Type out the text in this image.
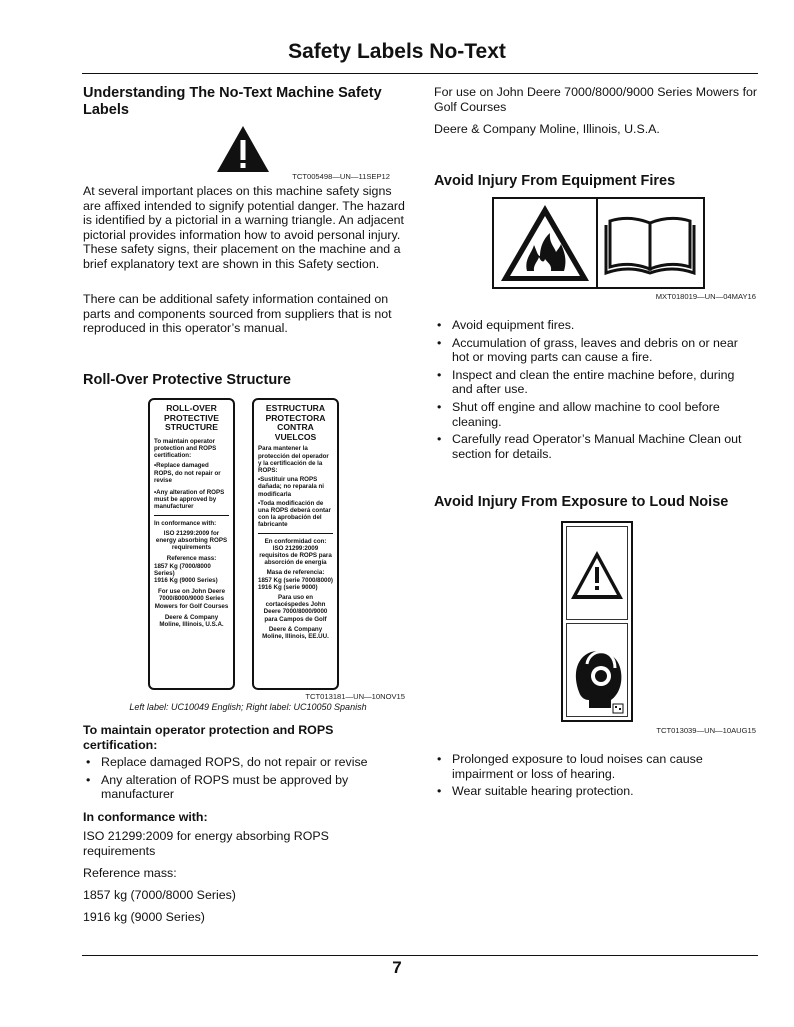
Safety Labels No-Text
Understanding The No-Text Machine Safety Labels
TCT005498—UN—11SEP12
At several important places on this machine safety signs are affixed intended to signify potential danger. The hazard is identified by a pictorial in a warning triangle. An adjacent pictorial provides information how to avoid personal injury. These safety signs, their placement on the machine and a brief explanatory text are shown in this Safety section.
There can be additional safety information contained on parts and components sourced from suppliers that is not reproduced in this operator’s manual.
Roll-Over Protective Structure
ROLL-OVER PROTECTIVE STRUCTURE
To maintain operator protection and ROPS certification:
•Replace damaged ROPS, do not repair or revise
•Any alteration of ROPS must be approved by manufacturer
In conformance with:
ISO 21299:2009 for energy absorbing ROPS requirements
Reference mass:
1857 Kg (7000/8000 Series)
1916 Kg (9000 Series)
For use on John Deere 7000/8000/9000 Series Mowers for Golf Courses
Deere & Company Moline, Illinois, U.S.A.
ESTRUCTURA PROTECTORA CONTRA VUELCOS
Para mantener la protección del operador y la certificación de la ROPS:
•Sustituir una ROPS dañada; no reparala ni modificarla
•Toda modificación de una ROPS deberá contar con la aprobación del fabricante
En conformidad con:
ISO 21299:2009 requisitos de ROPS para absorción de energía
Masa de referencia:
1857 Kg (serie 7000/8000)
1916 Kg (serie 9000)
Para uso en cortacéspedes John Deere 7000/8000/9000 para Campos de Golf
Deere & Company Moline, Illinois, EE.UU.
TCT013181—UN—10NOV15
Left label: UC10049 English; Right label: UC10050 Spanish
To maintain operator protection and ROPS certification:
• Replace damaged ROPS, do not repair or revise
• Any alteration of ROPS must be approved by manufacturer
In conformance with:
ISO 21299:2009 for energy absorbing ROPS requirements
Reference mass:
1857 kg (7000/8000 Series)
1916 kg (9000 Series)
For use on John Deere 7000/8000/9000 Series Mowers for Golf Courses
Deere & Company Moline, Illinois, U.S.A.
Avoid Injury From Equipment Fires
MXT018019—UN—04MAY16
• Avoid equipment fires.
• Accumulation of grass, leaves and debris on or near hot or moving parts can cause a fire.
• Inspect and clean the entire machine before, during and after use.
• Shut off engine and allow machine to cool before cleaning.
• Carefully read Operator’s Manual Machine Clean out section for details.
Avoid Injury From Exposure to Loud Noise
TCT013039—UN—10AUG15
• Prolonged exposure to loud noises can cause impairment or loss of hearing.
• Wear suitable hearing protection.
7
